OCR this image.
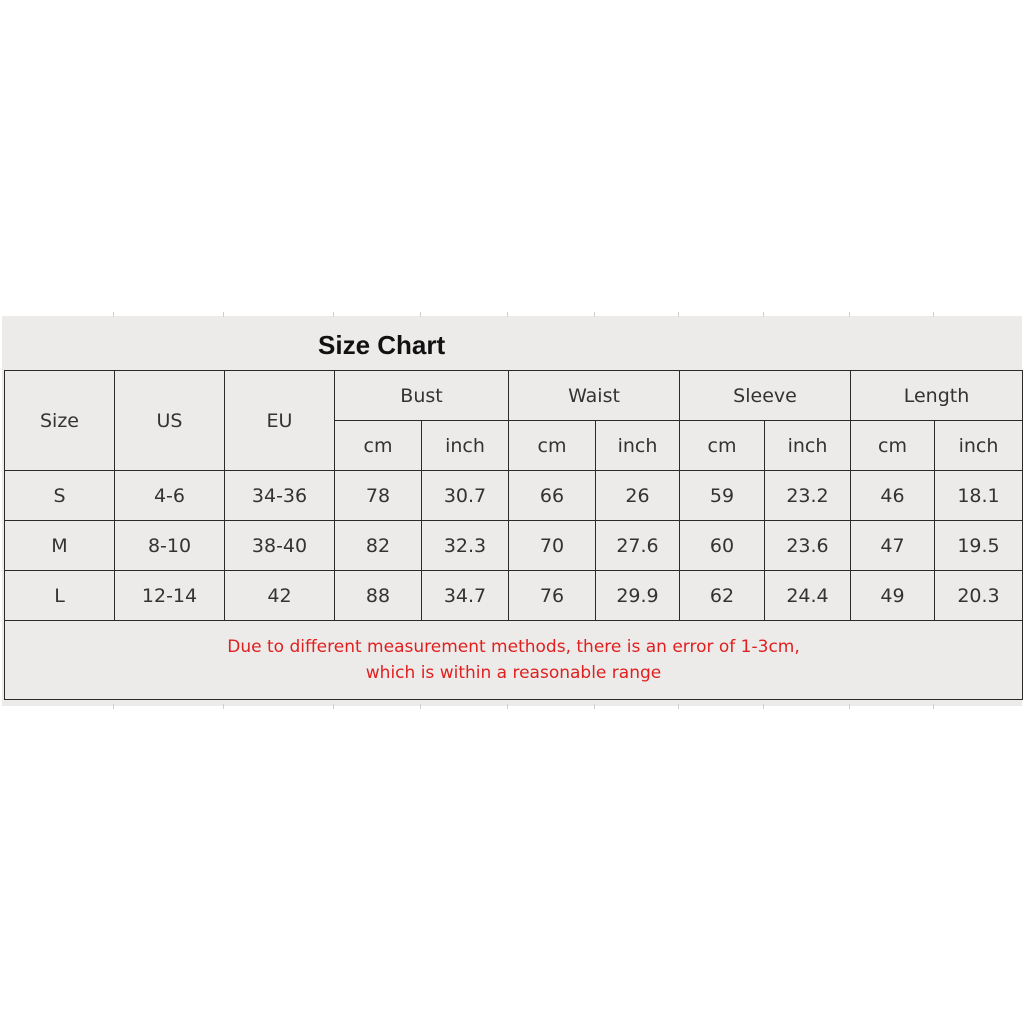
Size Chart
Size	US	EU	Bust		Waist		Sleeve		Length	
			cm	inch	cm	inch	cm	inch	cm	inch
S	4-6	34-36	78	30.7	66	26	59	23.2	46	18.1
M	8-10	38-40	82	32.3	70	27.6	60	23.6	47	19.5
L	12-14	42	88	34.7	76	29.9	62	24.4	49	20.3

Due to different measurement methods, there is an error of 1-3cm,
which is within a reasonable range										
